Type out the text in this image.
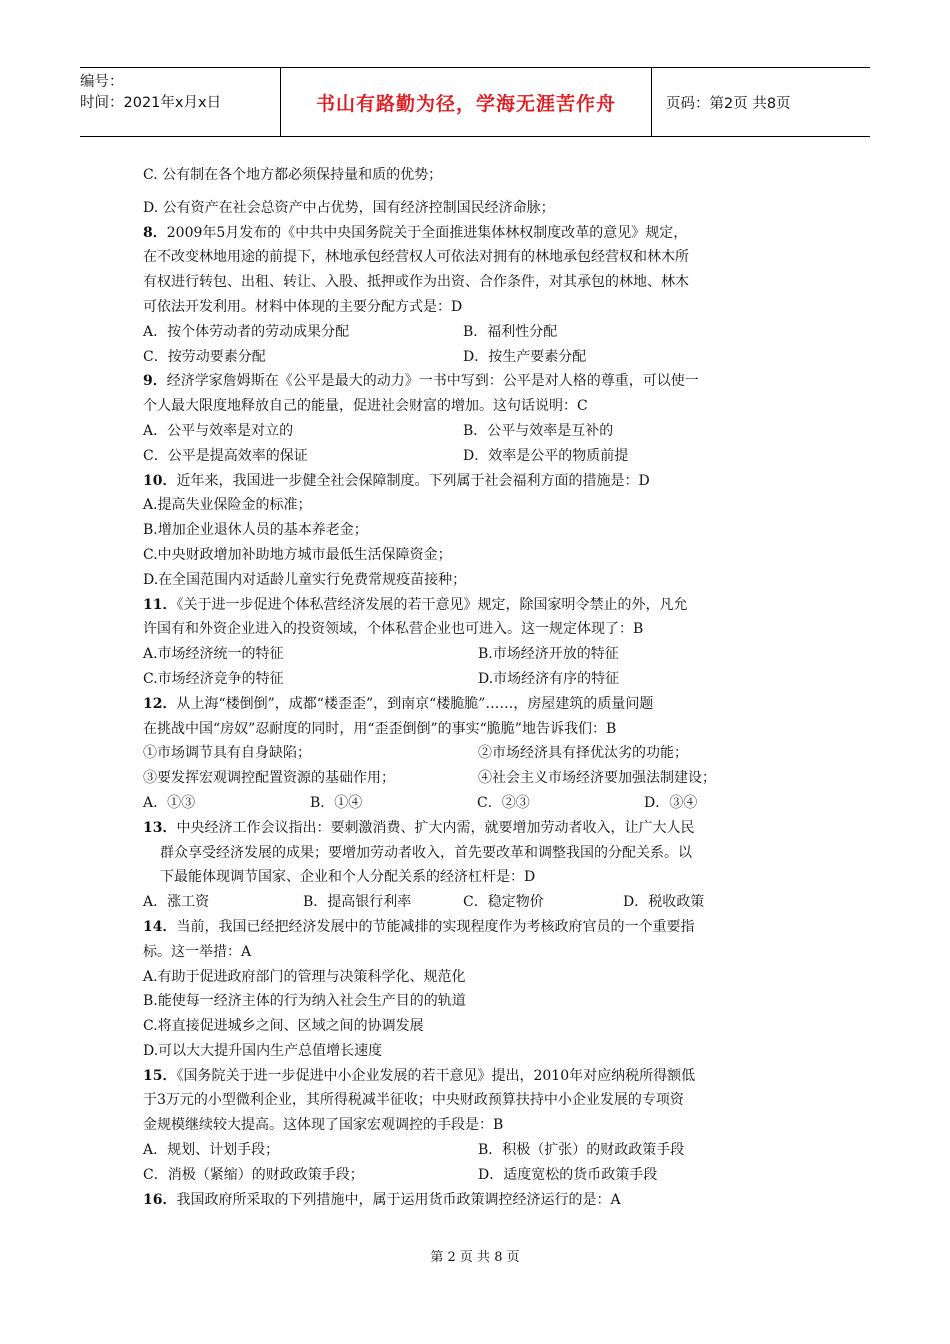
编号：
时间：2021年x月x日	书山有路勤为径，学海无涯苦作舟	页码：第2页 共8页
C. 公有制在各个地方都必须保持量和质的优势；
D. 公有资产在社会总资产中占优势，国有经济控制国民经济命脉；
8．2009年5月发布的《中共中央国务院关于全面推进集体林权制度改革的意见》规定，
在不改变林地用途的前提下，林地承包经营权人可依法对拥有的林地承包经营权和林木所
有权进行转包、出租、转让、入股、抵押或作为出资、合作条件，对其承包的林地、林木
可依法开发利用。材料中体现的主要分配方式是：D
A．按个体劳动者的劳动成果分配	B．福利性分配
C．按劳动要素分配	D．按生产要素分配
9．经济学家詹姆斯在《公平是最大的动力》一书中写到：公平是对人格的尊重，可以使一
个人最大限度地释放自己的能量，促进社会财富的增加。这句话说明：C
A．公平与效率是对立的	B．公平与效率是互补的
C．公平是提高效率的保证	D．效率是公平的物质前提
10．近年来，我国进一步健全社会保障制度。下列属于社会福利方面的措施是：D
A.提高失业保险金的标准；
B.增加企业退休人员的基本养老金；
C.中央财政增加补助地方城市最低生活保障资金；
D.在全国范围内对适龄儿童实行免费常规疫苗接种；
11．《关于进一步促进个体私营经济发展的若干意见》规定，除国家明令禁止的外，凡允
许国有和外资企业进入的投资领域，个体私营企业也可进入。这一规定体现了：B
A.市场经济统一的特征	B.市场经济开放的特征
C.市场经济竞争的特征	D.市场经济有序的特征
12．从上海“楼倒倒”，成都“楼歪歪”，到南京“楼脆脆”……，房屋建筑的质量问题
在挑战中国“房奴”忍耐度的同时，用“歪歪倒倒”的事实“脆脆”地告诉我们：B
①市场调节具有自身缺陷；	②市场经济具有择优汰劣的功能；
③要发挥宏观调控配置资源的基础作用；	④社会主义市场经济要加强法制建设；
A．①③	B．①④	C．②③	D．③④
13．中央经济工作会议指出：要刺激消费、扩大内需，就要增加劳动者收入，让广大人民
群众享受经济发展的成果；要增加劳动者收入，首先要改革和调整我国的分配关系。以
下最能体现调节国家、企业和个人分配关系的经济杠杆是：D
A．涨工资	B．提高银行利率	C．稳定物价	D．税收政策
14．当前，我国已经把经济发展中的节能减排的实现程度作为考核政府官员的一个重要指
标。这一举措：A
A.有助于促进政府部门的管理与决策科学化、规范化
B.能使每一经济主体的行为纳入社会生产目的的轨道
C.将直接促进城乡之间、区域之间的协调发展
D.可以大大提升国内生产总值增长速度
15．《国务院关于进一步促进中小企业发展的若干意见》提出，2010年对应纳税所得额低
于3万元的小型微利企业，其所得税减半征收；中央财政预算扶持中小企业发展的专项资
金规模继续较大提高。这体现了国家宏观调控的手段是：B
A．规划、计划手段；	B．积极（扩张）的财政政策手段
C．消极（紧缩）的财政政策手段；	D．适度宽松的货币政策手段
16．我国政府所采取的下列措施中，属于运用货币政策调控经济运行的是：A
第 2 页 共 8 页
